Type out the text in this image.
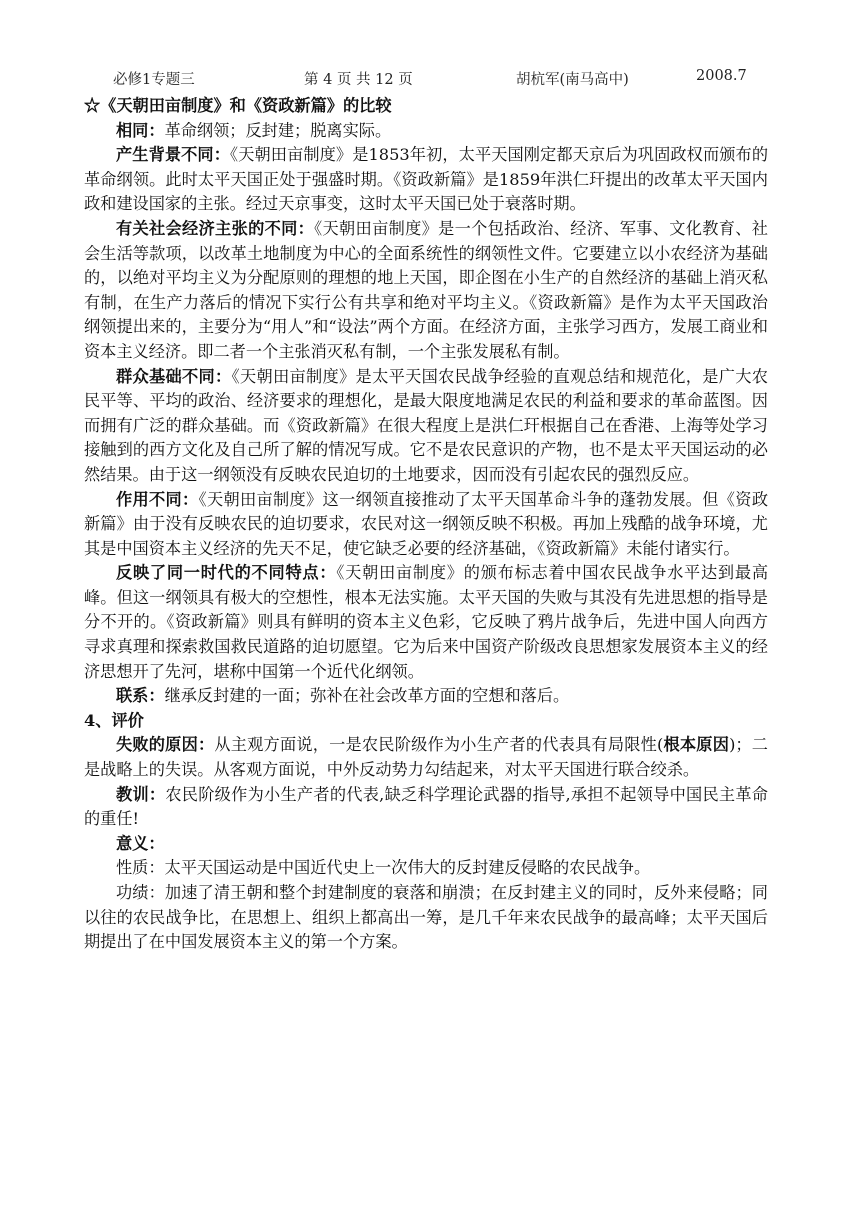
必修1专题三	第 4 页 共 12 页	胡杭军(南马高中)	2008.7

☆《天朝田亩制度》和《资政新篇》的比较

相同：革命纲领；反封建；脱离实际。

产生背景不同：《天朝田亩制度》是1853年初，太平天国刚定都天京后为巩固政权而颁布的革命纲领。此时太平天国正处于强盛时期。《资政新篇》是1859年洪仁玕提出的改革太平天国内政和建设国家的主张。经过天京事变，这时太平天国已处于衰落时期。

有关社会经济主张的不同：《天朝田亩制度》是一个包括政治、经济、军事、文化教育、社会生活等款项，以改革土地制度为中心的全面系统性的纲领性文件。它要建立以小农经济为基础的，以绝对平均主义为分配原则的理想的地上天国，即企图在小生产的自然经济的基础上消灭私有制，在生产力落后的情况下实行公有共享和绝对平均主义。《资政新篇》是作为太平天国政治纲领提出来的，主要分为“用人”和“设法”两个方面。在经济方面，主张学习西方，发展工商业和资本主义经济。即二者一个主张消灭私有制，一个主张发展私有制。

群众基础不同：《天朝田亩制度》是太平天国农民战争经验的直观总结和规范化，是广大农民平等、平均的政治、经济要求的理想化，是最大限度地满足农民的利益和要求的革命蓝图。因而拥有广泛的群众基础。而《资政新篇》在很大程度上是洪仁玕根据自己在香港、上海等处学习接触到的西方文化及自己所了解的情况写成。它不是农民意识的产物，也不是太平天国运动的必然结果。由于这一纲领没有反映农民迫切的土地要求，因而没有引起农民的强烈反应。

作用不同：《天朝田亩制度》这一纲领直接推动了太平天国革命斗争的蓬勃发展。但《资政新篇》由于没有反映农民的迫切要求，农民对这一纲领反映不积极。再加上残酷的战争环境，尤其是中国资本主义经济的先天不足，使它缺乏必要的经济基础，《资政新篇》未能付诸实行。

反映了同一时代的不同特点：《天朝田亩制度》的颁布标志着中国农民战争水平达到最高峰。但这一纲领具有极大的空想性，根本无法实施。太平天国的失败与其没有先进思想的指导是分不开的。《资政新篇》则具有鲜明的资本主义色彩，它反映了鸦片战争后，先进中国人向西方寻求真理和探索救国救民道路的迫切愿望。它为后来中国资产阶级改良思想家发展资本主义的经济思想开了先河，堪称中国第一个近代化纲领。

联系：继承反封建的一面；弥补在社会改革方面的空想和落后。

4、评价

失败的原因：从主观方面说，一是农民阶级作为小生产者的代表具有局限性(根本原因)；二是战略上的失误。从客观方面说，中外反动势力勾结起来，对太平天国进行联合绞杀。

教训：农民阶级作为小生产者的代表,缺乏科学理论武器的指导,承担不起领导中国民主革命的重任!

意义：

性质：太平天国运动是中国近代史上一次伟大的反封建反侵略的农民战争。

功绩：加速了清王朝和整个封建制度的衰落和崩溃；在反封建主义的同时，反外来侵略；同以往的农民战争比，在思想上、组织上都高出一筹，是几千年来农民战争的最高峰；太平天国后期提出了在中国发展资本主义的第一个方案。
